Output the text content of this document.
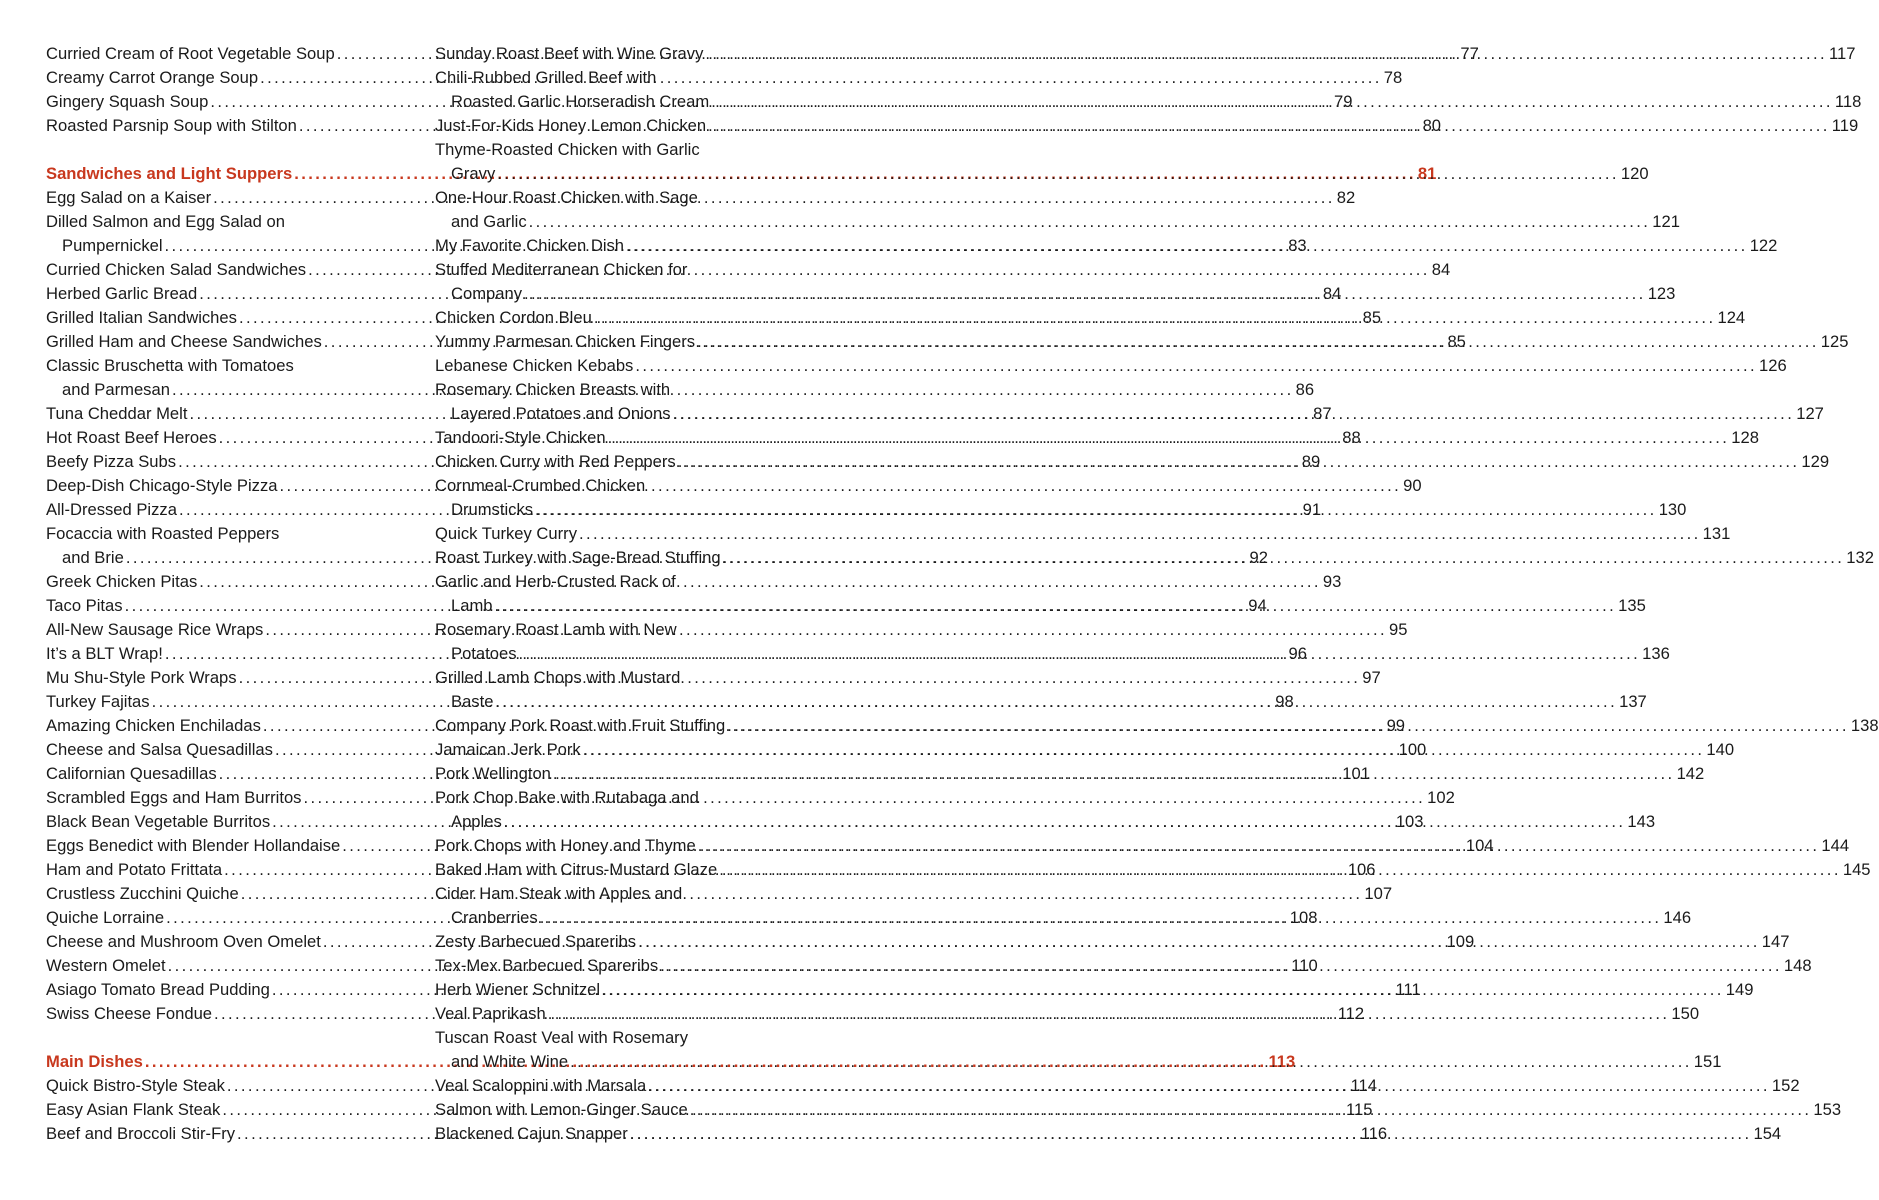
Curried Cream of Root Vegetable Soup .....	77
Creamy Carrot Orange Soup .....	78
Gingery Squash Soup .....	79
Roasted Parsnip Soup with Stilton .....	80
Sandwiches and Light Suppers .....	81
Egg Salad on a Kaiser .....	82
Dilled Salmon and Egg Salad on
Pumpernickel .....	83
Curried Chicken Salad Sandwiches .....	84
Herbed Garlic Bread .....	84
Grilled Italian Sandwiches .....	85
Grilled Ham and Cheese Sandwiches .....	85
Classic Bruschetta with Tomatoes
and Parmesan .....	86
Tuna Cheddar Melt .....	87
Hot Roast Beef Heroes .....	88
Beefy Pizza Subs .....	89
Deep-Dish Chicago-Style Pizza .....	90
All-Dressed Pizza .....	91
Focaccia with Roasted Peppers
and Brie .....	92
Greek Chicken Pitas .....	93
Taco Pitas .....	94
All-New Sausage Rice Wraps .....	95
It’s a BLT Wrap! .....	96
Mu Shu-Style Pork Wraps .....	97
Turkey Fajitas .....	98
Amazing Chicken Enchiladas .....	99
Cheese and Salsa Quesadillas .....	100
Californian Quesadillas .....	101
Scrambled Eggs and Ham Burritos .....	102
Black Bean Vegetable Burritos .....	103
Eggs Benedict with Blender Hollandaise .....	104
Ham and Potato Frittata .....	106
Crustless Zucchini Quiche .....	107
Quiche Lorraine .....	108
Cheese and Mushroom Oven Omelet .....	109
Western Omelet .....	110
Asiago Tomato Bread Pudding .....	111
Swiss Cheese Fondue .....	112
Main Dishes .....	113
Quick Bistro-Style Steak .....	114
Easy Asian Flank Steak .....	115
Beef and Broccoli Stir-Fry .....	116
Sunday Roast Beef with Wine Gravy .....	117
Chili-Rubbed Grilled Beef with
Roasted Garlic Horseradish Cream .....	118
Just-For-Kids Honey Lemon Chicken .....	119
Thyme-Roasted Chicken with Garlic
Gravy .....	120
One-Hour Roast Chicken with Sage
and Garlic .....	121
My Favorite Chicken Dish .....	122
Stuffed Mediterranean Chicken for
Company .....	123
Chicken Cordon Bleu .....	124
Yummy Parmesan Chicken Fingers .....	125
Lebanese Chicken Kebabs .....	126
Rosemary Chicken Breasts with
Layered Potatoes and Onions .....	127
Tandoori-Style Chicken .....	128
Chicken Curry with Red Peppers .....	129
Cornmeal-Crumbed Chicken
Drumsticks .....	130
Quick Turkey Curry .....	131
Roast Turkey with Sage-Bread Stuffing .....	132
Garlic and Herb-Crusted Rack of
Lamb .....	135
Rosemary Roast Lamb with New
Potatoes .....	136
Grilled Lamb Chops with Mustard
Baste .....	137
Company Pork Roast with Fruit Stuffing .....	138
Jamaican Jerk Pork .....	140
Pork Wellington .....	142
Pork Chop Bake with Rutabaga and
Apples .....	143
Pork Chops with Honey and Thyme .....	144
Baked Ham with Citrus-Mustard Glaze .....	145
Cider Ham Steak with Apples and
Cranberries .....	146
Zesty Barbecued Spareribs .....	147
Tex-Mex Barbecued Spareribs .....	148
Herb Wiener Schnitzel .....	149
Veal Paprikash .....	150
Tuscan Roast Veal with Rosemary
and White Wine .....	151
Veal Scaloppini with Marsala .....	152
Salmon with Lemon-Ginger Sauce .....	153
Blackened Cajun Snapper .....	154
